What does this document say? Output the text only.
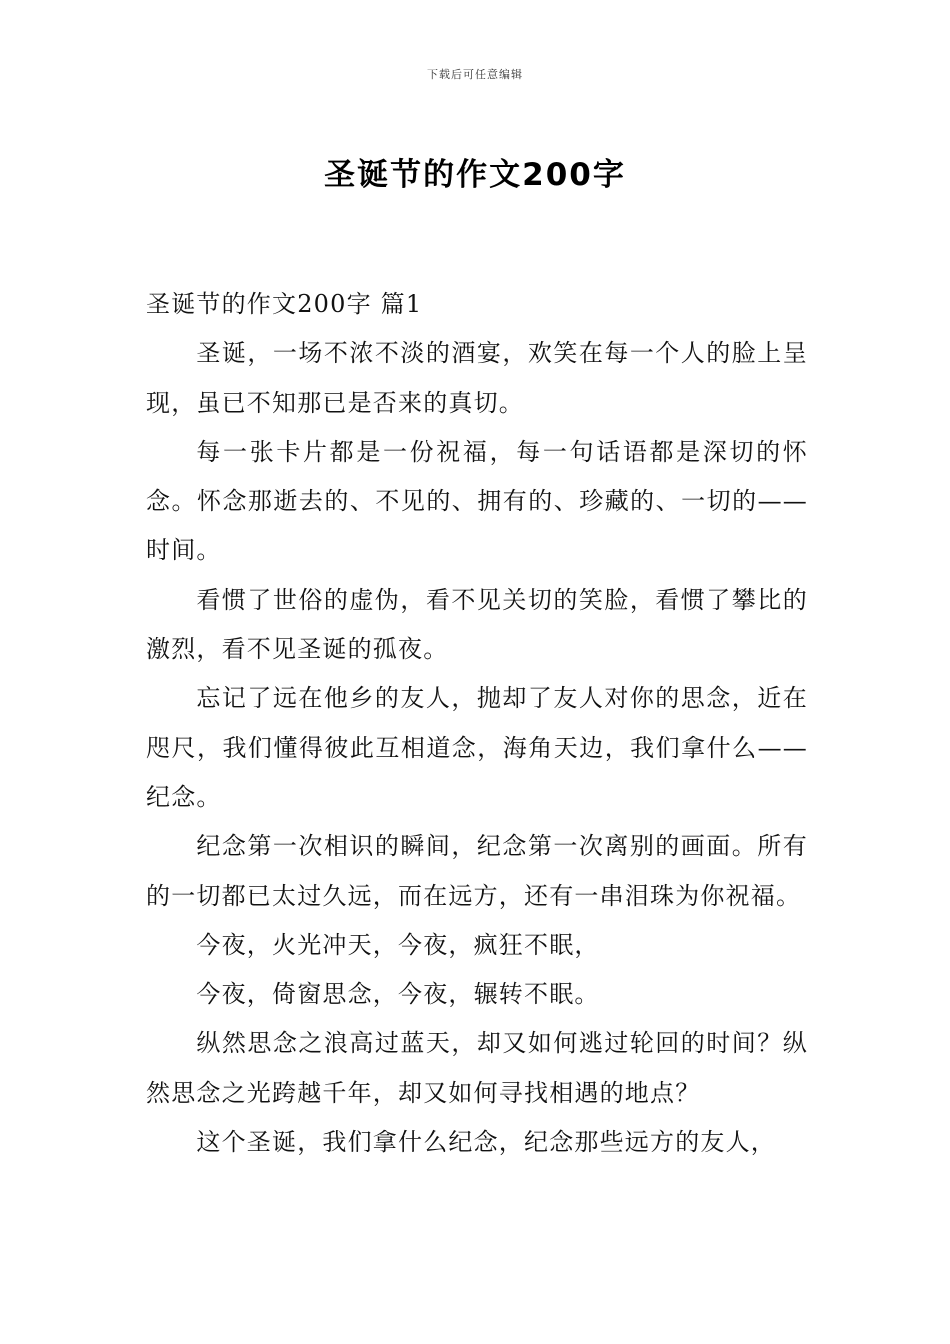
下载后可任意编辑
圣诞节的作文200字
圣诞节的作文200字 篇1

圣诞，一场不浓不淡的酒宴，欢笑在每一个人的脸上呈现，虽已不知那已是否来的真切。

每一张卡片都是一份祝福，每一句话语都是深切的怀念。怀念那逝去的、不见的、拥有的、珍藏的、一切的——时间。

看惯了世俗的虚伪，看不见关切的笑脸，看惯了攀比的激烈，看不见圣诞的孤夜。

忘记了远在他乡的友人，抛却了友人对你的思念，近在咫尺，我们懂得彼此互相道念，海角天边，我们拿什么——纪念。

纪念第一次相识的瞬间，纪念第一次离别的画面。所有的一切都已太过久远，而在远方，还有一串泪珠为你祝福。

今夜，火光冲天，今夜，疯狂不眠，

今夜，倚窗思念，今夜，辗转不眠。

纵然思念之浪高过蓝天，却又如何逃过轮回的时间？纵然思念之光跨越千年，却又如何寻找相遇的地点？

这个圣诞，我们拿什么纪念，纪念那些远方的友人，
